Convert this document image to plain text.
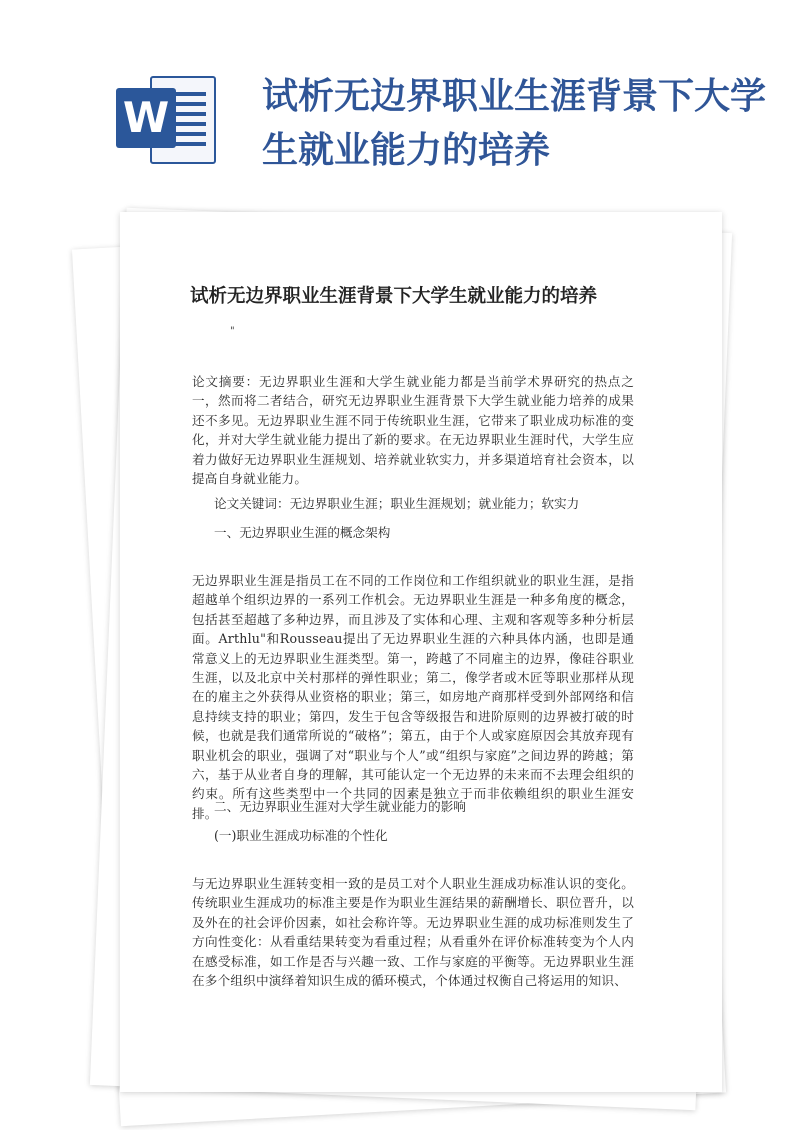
W	试析无边界职业生涯背景下大学生就业能力的培养
试析无边界职业生涯背景下大学生就业能力的培养
"

论文摘要：无边界职业生涯和大学生就业能力都是当前学术界研究的热点之一，然而将二者结合，研究无边界职业生涯背景下大学生就业能力培养的成果还不多见。无边界职业生涯不同于传统职业生涯，它带来了职业成功标准的变化，并对大学生就业能力提出了新的要求。在无边界职业生涯时代，大学生应着力做好无边界职业生涯规划、培养就业软实力，并多渠道培育社会资本，以提高自身就业能力。

论文关键词：无边界职业生涯；职业生涯规划；就业能力；软实力

一、无边界职业生涯的概念架构

无边界职业生涯是指员工在不同的工作岗位和工作组织就业的职业生涯，是指超越单个组织边界的一系列工作机会。无边界职业生涯是一种多角度的概念，包括甚至超越了多种边界，而且涉及了实体和心理、主观和客观等多种分析层面。Arthlu"和Rousseau提出了无边界职业生涯的六种具体内涵，也即是通常意义上的无边界职业生涯类型。第一，跨越了不同雇主的边界，像硅谷职业生涯，以及北京中关村那样的弹性职业；第二，像学者或木匠等职业那样从现在的雇主之外获得从业资格的职业；第三，如房地产商那样受到外部网络和信息持续支持的职业；第四，发生于包含等级报告和进阶原则的边界被打破的时候，也就是我们通常所说的“破格”；第五，由于个人或家庭原因会其放弃现有职业机会的职业，强调了对“职业与个人”或“组织与家庭”之间边界的跨越；第六，基于从业者自身的理解，其可能认定一个无边界的未来而不去理会组织的约束。所有这些类型中一个共同的因素是独立于而非依赖组织的职业生涯安排。

二、无边界职业生涯对大学生就业能力的影响

(一)职业生涯成功标准的个性化

与无边界职业生涯转变相一致的是员工对个人职业生涯成功标准认识的变化。传统职业生涯成功的标准主要是作为职业生涯结果的薪酬增长、职位晋升，以及外在的社会评价因素，如社会称许等。无边界职业生涯的成功标准则发生了方向性变化：从看重结果转变为看重过程；从看重外在评价标准转变为个人内在感受标准，如工作是否与兴趣一致、工作与家庭的平衡等。无边界职业生涯在多个组织中演绎着知识生成的循环模式，个体通过权衡自己将运用的知识、
